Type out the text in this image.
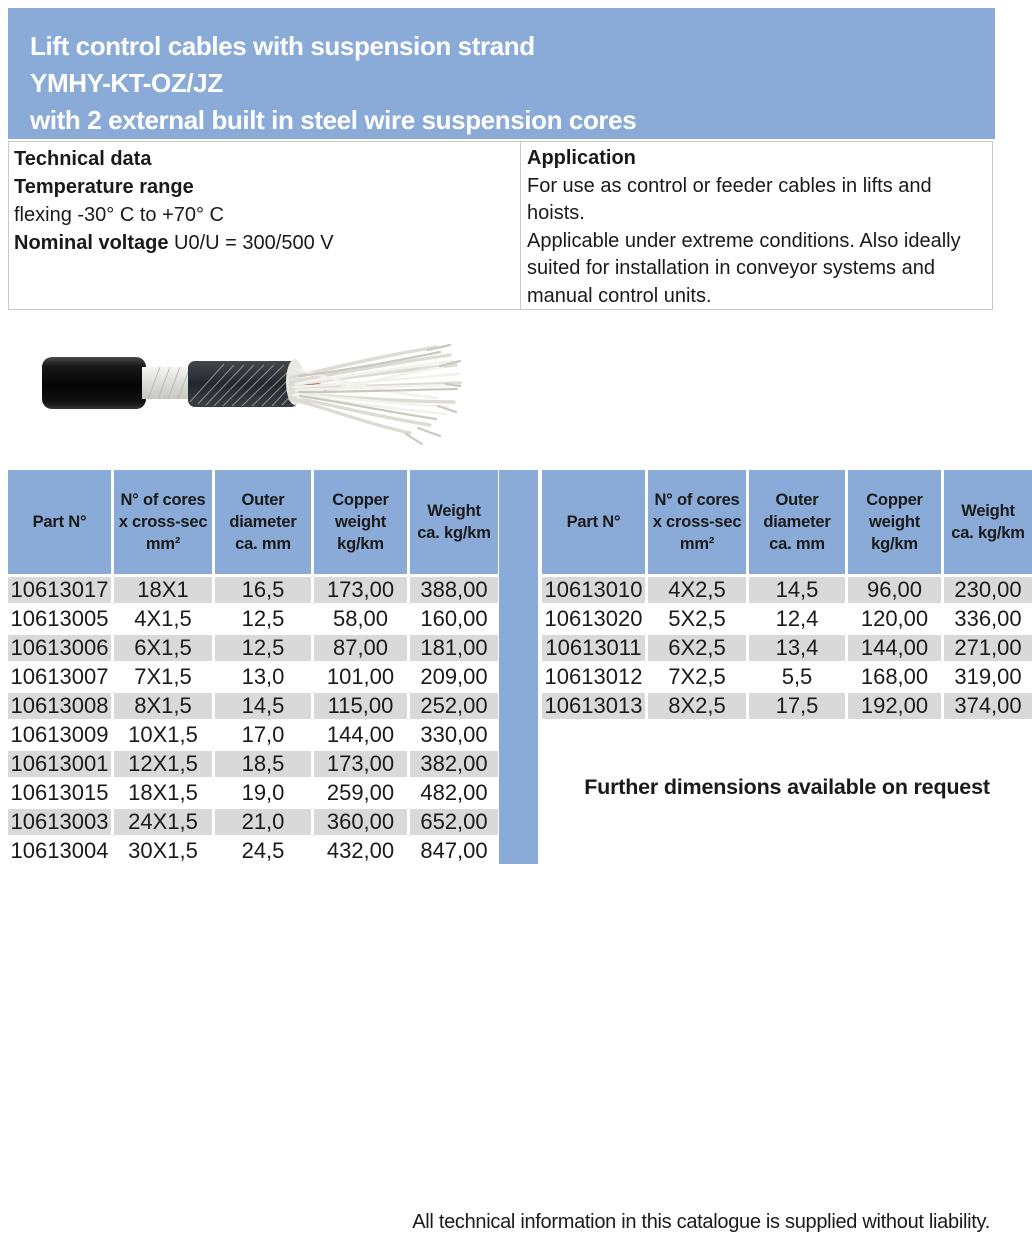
Lift control cables with suspension strand
YMHY-KT-OZ/JZ
with 2 external built in steel wire suspension cores
Technical data
Temperature range
flexing -30° C to +70° C
Nominal voltage U0/U = 300/500 V
Application
For use as control or feeder cables in lifts and
hoists.
Applicable under extreme conditions. Also ideally
suited for installation in conveyor systems and
manual control units.
Part N°	N° of cores
x cross-sec
mm²	Outer
diameter
ca. mm	Copper
weight
kg/km	Weight
ca. kg/km
10613017	18X1	16,5	173,00	388,00
10613005	4X1,5	12,5	58,00	160,00
10613006	6X1,5	12,5	87,00	181,00
10613007	7X1,5	13,0	101,00	209,00
10613008	8X1,5	14,5	115,00	252,00
10613009	10X1,5	17,0	144,00	330,00
10613001	12X1,5	18,5	173,00	382,00
10613015	18X1,5	19,0	259,00	482,00
10613003	24X1,5	21,0	360,00	652,00
10613004	30X1,5	24,5	432,00	847,00
Part N°	N° of cores
x cross-sec
mm²	Outer
diameter
ca. mm	Copper
weight
kg/km	Weight
ca. kg/km
10613010	4X2,5	14,5	96,00	230,00
10613020	5X2,5	12,4	120,00	336,00
10613011	6X2,5	13,4	144,00	271,00
10613012	7X2,5	5,5	168,00	319,00
10613013	8X2,5	17,5	192,00	374,00
Further dimensions available on request
All technical information in this catalogue is supplied without liability.
